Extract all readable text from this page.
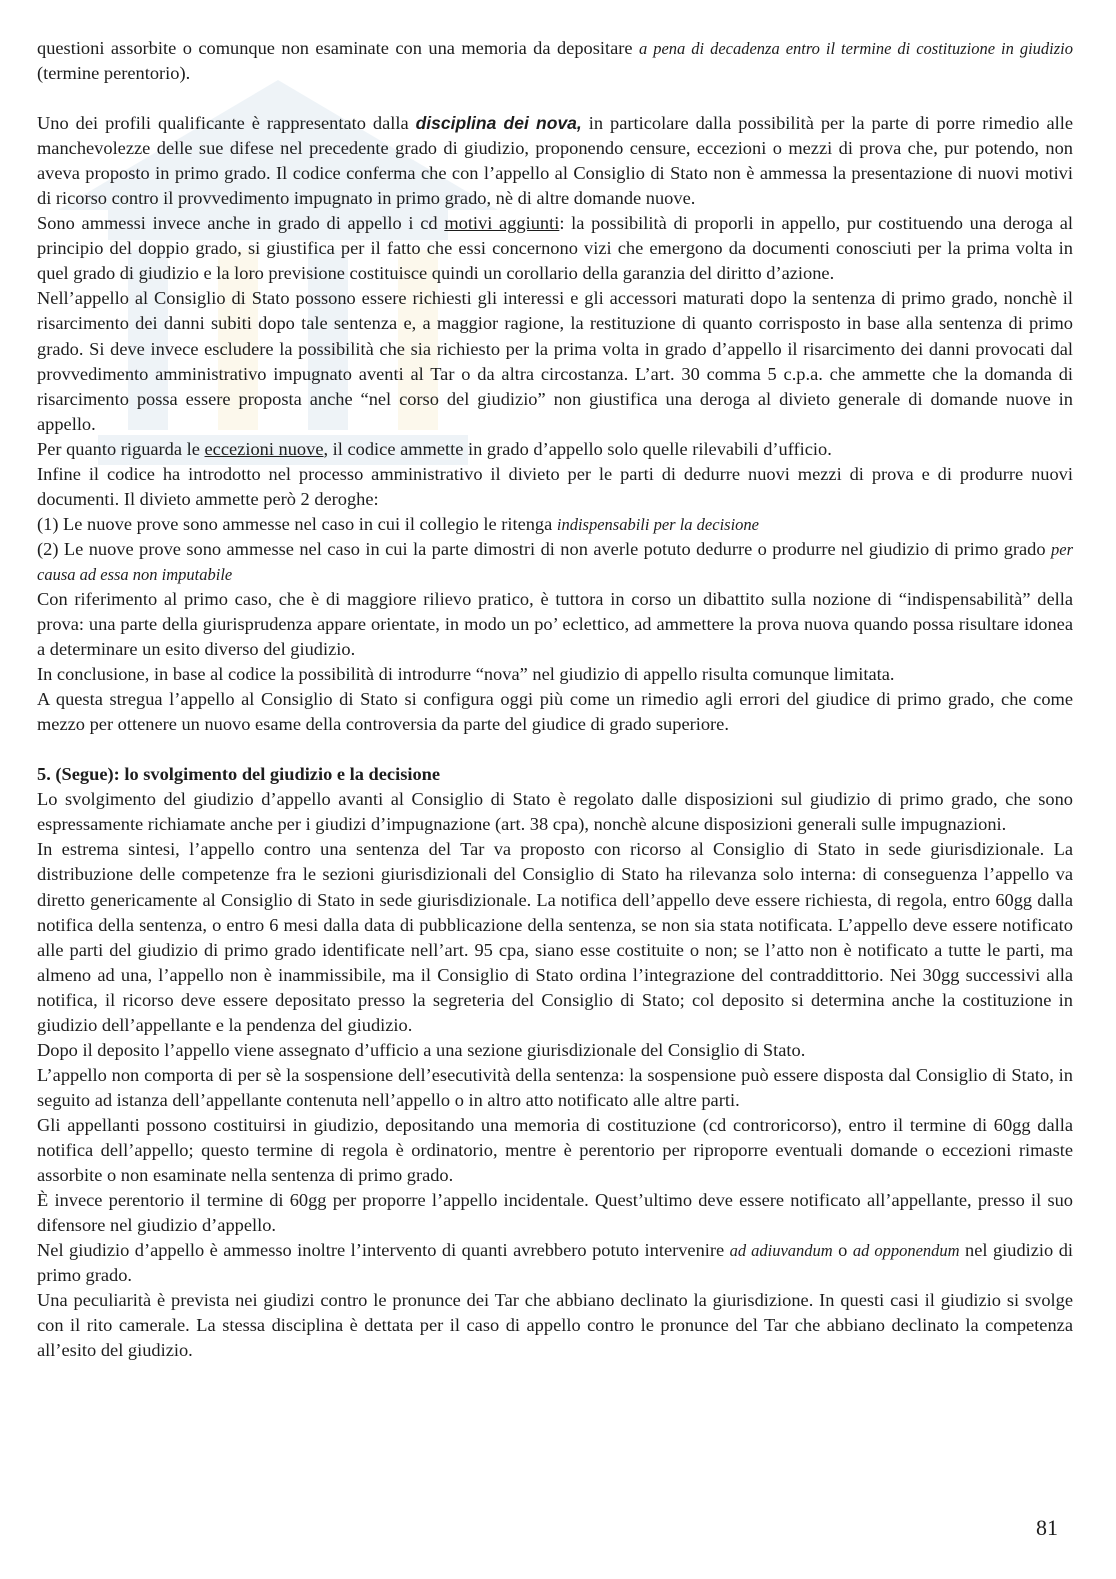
questioni assorbite o comunque non esaminate con una memoria da depositare a pena di decadenza entro il termine di costituzione in giudizio (termine perentorio).

Uno dei profili qualificante è rappresentato dalla disciplina dei nova, in particolare dalla possibilità per la parte di porre rimedio alle manchevolezze delle sue difese nel precedente grado di giudizio, proponendo censure, eccezioni o mezzi di prova che, pur potendo, non aveva proposto in primo grado. Il codice conferma che con l’appello al Consiglio di Stato non è ammessa la presentazione di nuovi motivi di ricorso contro il provvedimento impugnato in primo grado, nè di altre domande nuove.

Sono ammessi invece anche in grado di appello i cd motivi aggiunti: la possibilità di proporli in appello, pur costituendo una deroga al principio del doppio grado, si giustifica per il fatto che essi concernono vizi che emergono da documenti conosciuti per la prima volta in quel grado di giudizio e la loro previsione costituisce quindi un corollario della garanzia del diritto d’azione.

Nell’appello al Consiglio di Stato possono essere richiesti gli interessi e gli accessori maturati dopo la sentenza di primo grado, nonchè il risarcimento dei danni subiti dopo tale sentenza e, a maggior ragione, la restituzione di quanto corrisposto in base alla sentenza di primo grado. Si deve invece escludere la possibilità che sia richiesto per la prima volta in grado d’appello il risarcimento dei danni provocati dal provvedimento amministrativo impugnato aventi al Tar o da altra circostanza. L’art. 30 comma 5 c.p.a. che ammette che la domanda di risarcimento possa essere proposta anche “nel corso del giudizio” non giustifica una deroga al divieto generale di domande nuove in appello.

Per quanto riguarda le eccezioni nuove, il codice ammette in grado d’appello solo quelle rilevabili d’ufficio.

Infine il codice ha introdotto nel processo amministrativo il divieto per le parti di dedurre nuovi mezzi di prova e di produrre nuovi documenti. Il divieto ammette però 2 deroghe:

(1) Le nuove prove sono ammesse nel caso in cui il collegio le ritenga indispensabili per la decisione

(2) Le nuove prove sono ammesse nel caso in cui la parte dimostri di non averle potuto dedurre o produrre nel giudizio di primo grado per causa ad essa non imputabile

Con riferimento al primo caso, che è di maggiore rilievo pratico, è tuttora in corso un dibattito sulla nozione di “indispensabilità” della prova: una parte della giurisprudenza appare orientate, in modo un po’ eclettico, ad ammettere la prova nuova quando possa risultare idonea a determinare un esito diverso del giudizio.

In conclusione, in base al codice la possibilità di introdurre “nova” nel giudizio di appello risulta comunque limitata.

A questa stregua l’appello al Consiglio di Stato si configura oggi più come un rimedio agli errori del giudice di primo grado, che come mezzo per ottenere un nuovo esame della controversia da parte del giudice di grado superiore.

5. (Segue): lo svolgimento del giudizio e la decisione

Lo svolgimento del giudizio d’appello avanti al Consiglio di Stato è regolato dalle disposizioni sul giudizio di primo grado, che sono espressamente richiamate anche per i giudizi d’impugnazione (art. 38 cpa), nonchè alcune disposizioni generali sulle impugnazioni.

In estrema sintesi, l’appello contro una sentenza del Tar va proposto con ricorso al Consiglio di Stato in sede giurisdizionale. La distribuzione delle competenze fra le sezioni giurisdizionali del Consiglio di Stato ha rilevanza solo interna: di conseguenza l’appello va diretto genericamente al Consiglio di Stato in sede giurisdizionale. La notifica dell’appello deve essere richiesta, di regola, entro 60gg dalla notifica della sentenza, o entro 6 mesi dalla data di pubblicazione della sentenza, se non sia stata notificata. L’appello deve essere notificato alle parti del giudizio di primo grado identificate nell’art. 95 cpa, siano esse costituite o non; se l’atto non è notificato a tutte le parti, ma almeno ad una, l’appello non è inammissibile, ma il Consiglio di Stato ordina l’integrazione del contraddittorio. Nei 30gg successivi alla notifica, il ricorso deve essere depositato presso la segreteria del Consiglio di Stato; col deposito si determina anche la costituzione in giudizio dell’appellante e la pendenza del giudizio.

Dopo il deposito l’appello viene assegnato d’ufficio a una sezione giurisdizionale del Consiglio di Stato.

L’appello non comporta di per sè la sospensione dell’esecutività della sentenza: la sospensione può essere disposta dal Consiglio di Stato, in seguito ad istanza dell’appellante contenuta nell’appello o in altro atto notificato alle altre parti.

Gli appellanti possono costituirsi in giudizio, depositando una memoria di costituzione (cd controricorso), entro il termine di 60gg dalla notifica dell’appello; questo termine di regola è ordinatorio, mentre è perentorio per riproporre eventuali domande o eccezioni rimaste assorbite o non esaminate nella sentenza di primo grado.

È invece perentorio il termine di 60gg per proporre l’appello incidentale. Quest’ultimo deve essere notificato all’appellante, presso il suo difensore nel giudizio d’appello.

Nel giudizio d’appello è ammesso inoltre l’intervento di quanti avrebbero potuto intervenire ad adiuvandum o ad opponendum nel giudizio di primo grado.

Una peculiarità è prevista nei giudizi contro le pronunce dei Tar che abbiano declinato la giurisdizione. In questi casi il giudizio si svolge con il rito camerale. La stessa disciplina è dettata per il caso di appello contro le pronunce del Tar che abbiano declinato la competenza all’esito del giudizio.

81
